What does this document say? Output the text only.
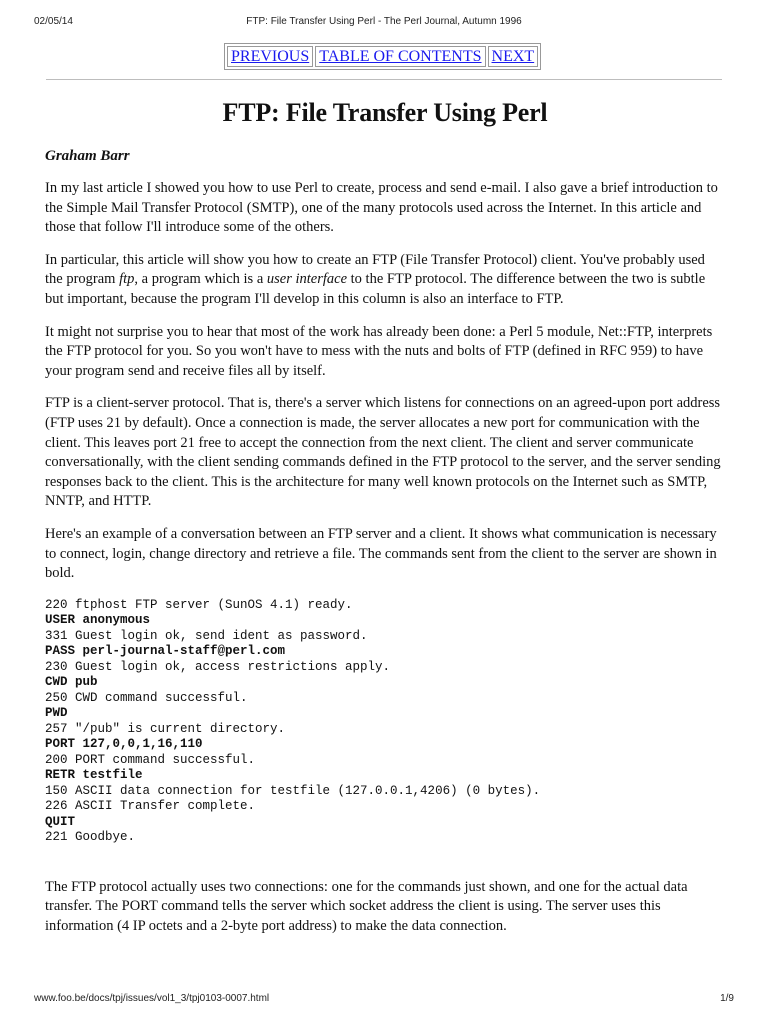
02/05/14	FTP: File Transfer Using Perl - The Perl Journal, Autumn 1996
PREVIOUS TABLE OF CONTENTS NEXT
FTP: File Transfer Using Perl
Graham Barr

In my last article I showed you how to use Perl to create, process and send e-mail. I also gave a brief introduction to the Simple Mail Transfer Protocol (SMTP), one of the many protocols used across the Internet. In this article and those that follow I'll introduce some of the others.

In particular, this article will show you how to create an FTP (File Transfer Protocol) client. You've probably used the program ftp, a program which is a user interface to the FTP protocol. The difference between the two is subtle but important, because the program I'll develop in this column is also an interface to FTP.

It might not surprise you to hear that most of the work has already been done: a Perl 5 module, Net::FTP, interprets the FTP protocol for you. So you won't have to mess with the nuts and bolts of FTP (defined in RFC 959) to have your program send and receive files all by itself.

FTP is a client-server protocol. That is, there's a server which listens for connections on an agreed-upon port address (FTP uses 21 by default). Once a connection is made, the server allocates a new port for communication with the client. This leaves port 21 free to accept the connection from the next client. The client and server communicate conversationally, with the client sending commands defined in the FTP protocol to the server, and the server sending responses back to the client. This is the architecture for many well known protocols on the Internet such as SMTP, NNTP, and HTTP.

Here's an example of a conversation between an FTP server and a client. It shows what communication is necessary to connect, login, change directory and retrieve a file. The commands sent from the client to the server are shown in bold.

220 ftphost FTP server (SunOS 4.1) ready.
USER anonymous
331 Guest login ok, send ident as password.
PASS perl-journal-staff@perl.com
230 Guest login ok, access restrictions apply.
CWD pub
250 CWD command successful.
PWD
257 "/pub" is current directory.
PORT 127,0,0,1,16,110
200 PORT command successful.
RETR testfile
150 ASCII data connection for testfile (127.0.0.1,4206) (0 bytes).
226 ASCII Transfer complete.
QUIT
221 Goodbye.

The FTP protocol actually uses two connections: one for the commands just shown, and one for the actual data transfer. The PORT command tells the server which socket address the client is using. The server uses this information (4 IP octets and a 2-byte port address) to make the data connection.

www.foo.be/docs/tpj/issues/vol1_3/tpj0103-0007.html	1/9
